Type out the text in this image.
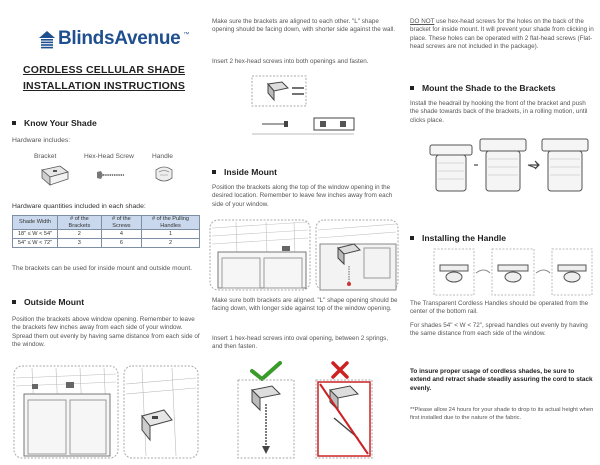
BlindsAvenue ™
CORDLESS CELLULAR SHADE
INSTALLATION INSTRUCTIONS
Know Your Shade
Hardware includes:
Bracket	Hex-Head Screw	Handle
Hardware quantities included in each shade:
Shade Width	# of the Brackets	# of the Screws	# of the Pulling Handles
18" ≤ W < 54"	2	4	1
54" ≤ W < 72"	3	6	2
The brackets can be used for inside mount and outside mount.
Outside Mount
Position the brackets above window opening. Remember to leave the brackets few inches away from each side of your window. Spread them out evenly by having same distance from each side of the window.
Make sure the brackets are aligned to each other. "L" shape opening should be facing down, with shorter side against the wall.
Insert 2 hex-head screws into both openings and fasten.
Inside Mount
Position the brackets along the top of the window opening in the desired location. Remember to leave few inches away from each side of your window.
Make sure both brackets are aligned. "L" shape opening should be facing down, with longer side against top of the window opening.
Insert 1 hex-head screws into oval opening, between 2 springs, and then fasten.
DO NOT use hex-head screws for the holes on the back of the bracket for inside mount. It will prevent your shade from clicking in place. These holes can be operated with 2 flat-head screws (Flat-head screws are not included in the package).
Mount the Shade to the Brackets
Install the headrail by hooking the front of the bracket and push the shade towards back of the brackets, in a rolling motion, until clicks place.
Installing the Handle
The Transparent Cordless Handles should be operated from the center of the bottom rail.
For shades 54" < W < 72", spread handles out evenly by having the same distance from each side of the window.
To insure proper usage of cordless shades, be sure to extend and retract shade steadily assuring the cord to stack evenly.
**Please allow 24 hours for your shade to drop to its actual height when first installed due to the nature of the fabric.
